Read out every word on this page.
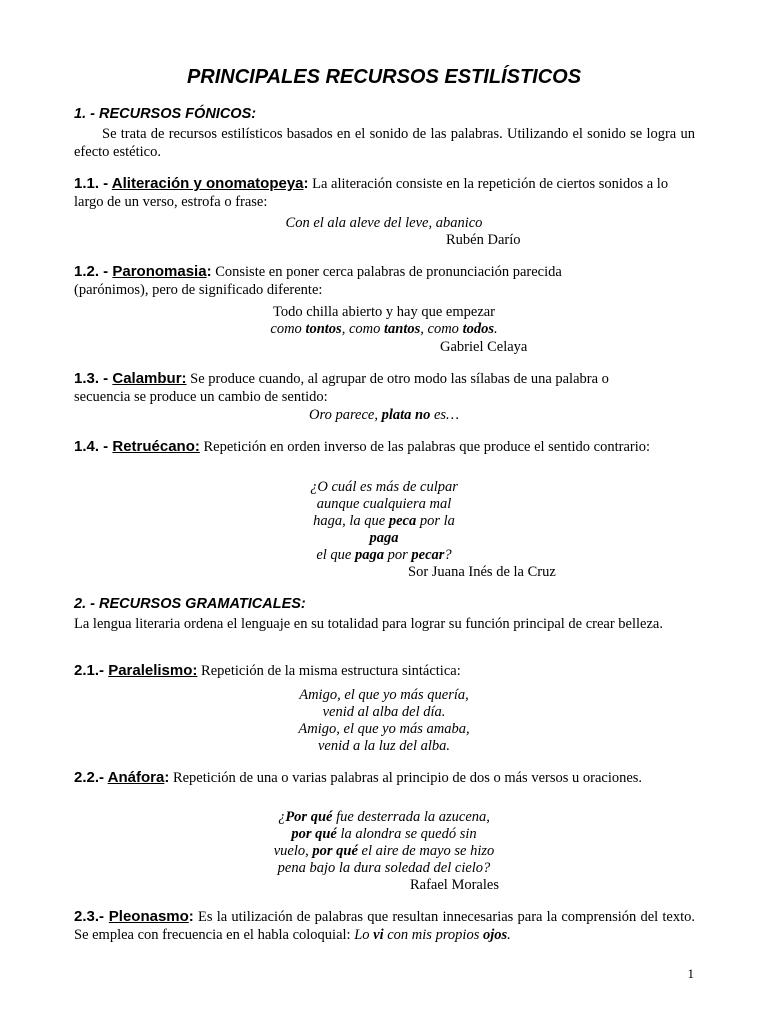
PRINCIPALES RECURSOS ESTILÍSTICOS
1. - RECURSOS FÓNICOS:
Se trata de recursos estilísticos basados en el sonido de las palabras. Utilizando el sonido se logra un efecto estético.
1.1. - Aliteración y onomatopeya: La aliteración consiste en la repetición de ciertos sonidos a lo largo de un verso, estrofa o frase:
Con el ala aleve del leve, abanico
Rubén Darío
1.2. - Paronomasia: Consiste en poner cerca palabras de pronunciación parecida (parónimos), pero de significado diferente:
Todo chilla abierto y hay que empezar
como tontos, como tantos, como todos.
Gabriel Celaya
1.3. - Calambur: Se produce cuando, al agrupar de otro modo las sílabas de una palabra o secuencia se produce un cambio de sentido:
Oro parece, plata no es…
1.4. - Retruécano: Repetición en orden inverso de las palabras que produce el sentido contrario:
¿O cuál es más de culpar
aunque cualquiera mal
haga, la que peca por la
paga
el que paga por pecar?
Sor Juana Inés de la Cruz
2. - RECURSOS GRAMATICALES:
La lengua literaria ordena el lenguaje en su totalidad para lograr su función principal de crear belleza.
2.1.- Paralelismo: Repetición de la misma estructura sintáctica:
Amigo, el que yo más quería,
venid al alba del día.
Amigo, el que yo más amaba,
venid a la luz del alba.
2.2.- Anáfora: Repetición de una o varias palabras al principio de dos o más versos u oraciones.
¿Por qué fue desterrada la azucena,
por qué la alondra se quedó sin
vuelo, por qué el aire de mayo se hizo
pena bajo la dura soledad del cielo?
Rafael Morales
2.3.- Pleonasmo: Es la utilización de palabras que resultan innecesarias para la comprensión del texto. Se emplea con frecuencia en el habla coloquial: Lo vi con mis propios ojos.
1
